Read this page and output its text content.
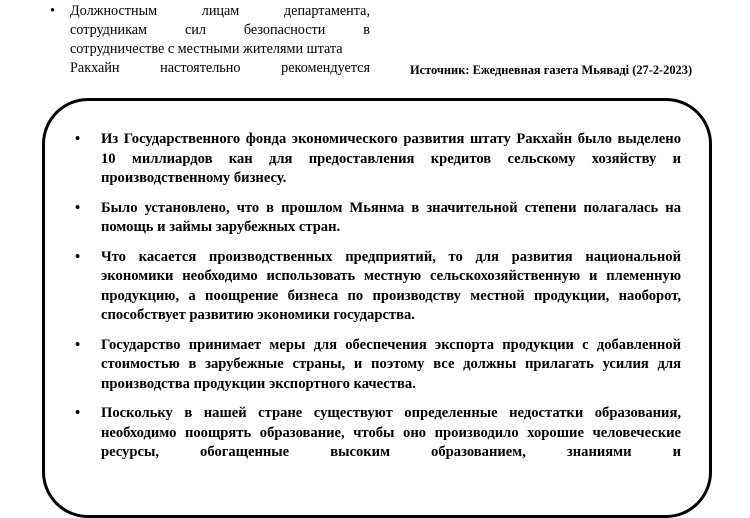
• Должностным лицам департамента,
сотрудникам сил безопасности в
сотрудничестве с местными жителями штата
Ракхайн настоятельно рекомендуется	Источник: Ежедневная газета Мьяваді (27-2-2023)
• Из Государственного фонда экономического развития штату Ракхайн было выделено 10 миллиардов кан для предоставления кредитов сельскому хозяйству и производственному бизнесу.
• Было установлено, что в прошлом Мьянма в значительной степени полагалась на помощь и займы зарубежных стран.
• Что касается производственных предприятий, то для развития национальной экономики необходимо использовать местную сельскохозяйственную и племенную продукцию, а поощрение бизнеса по производству местной продукции, наоборот, способствует развитию экономики государства.
• Государство принимает меры для обеспечения экспорта продукции с добавленной стоимостью в зарубежные страны, и поэтому все должны прилагать усилия для производства продукции экспортного качества.
• Поскольку в нашей стране существуют определенные недостатки образования, необходимо поощрять образование, чтобы оно производило хорошие человеческие ресурсы, обогащенные высоким образованием, знаниями и
